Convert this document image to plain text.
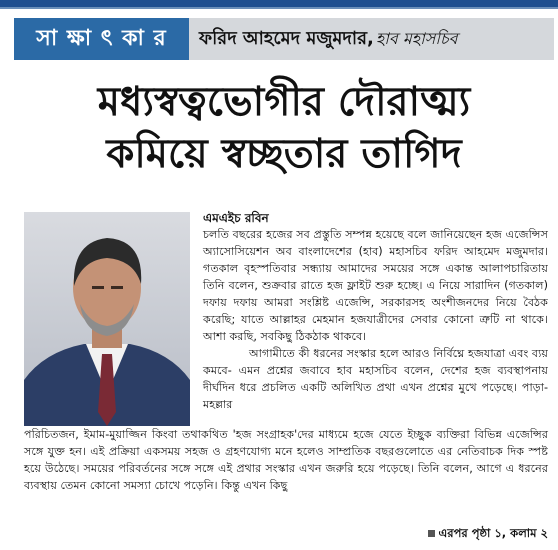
সা ক্ষা ৎ কা র	ফরিদ আহমেদ মজুমদার, হাব মহাসচিব
মধ্যস্বত্বভোগীর দৌরাত্ম্য
কমিয়ে স্বচ্ছতার তাগিদ
এমএইচ রবিন

চলতি বছরের হজের সব প্রস্তুতি সম্পন্ন হয়েছে বলে জানিয়েছেন হজ এজেন্সিস অ্যাসোসিয়েশন অব বাংলাদেশের (হাব) মহাসচিব ফরিদ আহমেদ মজুমদার। গতকাল বৃহস্পতিবার সন্ধ্যায় আমাদের সময়ের সঙ্গে একান্ত আলাপচারিতায় তিনি বলেন, শুক্রবার রাতে হজ ফ্লাইট শুরু হচ্ছে। এ নিয়ে সারাদিন (গতকাল) দফায় দফায় আমরা সংশ্লিষ্ট এজেন্সি, সরকারসহ অংশীজনদের নিয়ে বৈঠক করেছি; যাতে আল্লাহর মেহমান হজযাত্রীদের সেবার কোনো ত্রুটি না থাকে। আশা করছি, সবকিছু ঠিকঠাক থাকবে।

আগামীতে কী ধরনের সংস্কার হলে আরও নির্বিঘ্নে হজযাত্রা এবং ব্যয় কমবে- এমন প্রশ্নের জবাবে হাব মহাসচিব বলেন, দেশের হজ ব্যবস্থাপনায় দীর্ঘদিন ধরে প্রচলিত একটি অলিখিত প্রথা এখন প্রশ্নের মুখে পড়েছে। পাড়া-মহল্লার

পরিচিতজন, ইমাম-মুয়াজ্জিন কিংবা তথাকথিত 'হজ সংগ্রাহক'দের মাধ্যমে হজে যেতে ইচ্ছুক ব্যক্তিরা বিভিন্ন এজেন্সির সঙ্গে যুক্ত হন। এই প্রক্রিয়া একসময় সহজ ও গ্রহণযোগ্য মনে হলেও সাম্প্রতিক বছরগুলোতে এর নেতিবাচক দিক স্পষ্ট হয়ে উঠেছে। সময়ের পরিবর্তনের সঙ্গে সঙ্গে এই প্রথার সংস্কার এখন জরুরি হয়ে পড়েছে। তিনি বলেন, আগে এ ধরনের ব্যবস্থায় তেমন কোনো সমস্যা চোখে পড়েনি। কিন্তু এখন কিছু

এরপর পৃষ্ঠা ১, কলাম ২
